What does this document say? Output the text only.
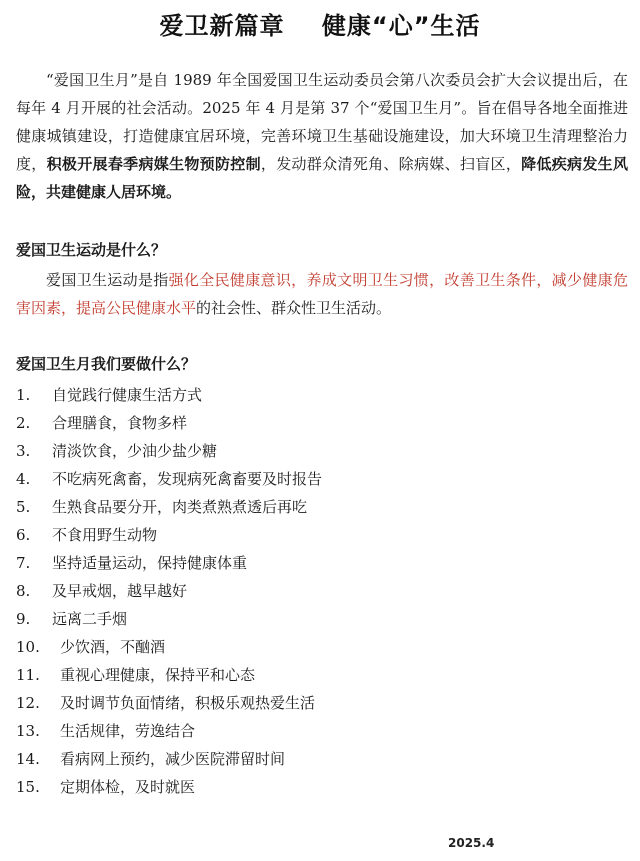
爱卫新篇章    健康“心”生活

“爱国卫生月”是自 1989 年全国爱国卫生运动委员会第八次委员会扩大会议提出后，在每年 4 月开展的社会活动。2025 年 4 月是第 37 个“爱国卫生月”。旨在倡导各地全面推进健康城镇建设，打造健康宜居环境，完善环境卫生基础设施建设，加大环境卫生清理整治力度，积极开展春季病媒生物预防控制，发动群众清死角、除病媒、扫盲区，降低疾病发生风险，共建健康人居环境。

爱国卫生运动是什么？

爱国卫生运动是指强化全民健康意识，养成文明卫生习惯，改善卫生条件，减少健康危害因素，提高公民健康水平的社会性、群众性卫生活动。

爱国卫生月我们要做什么？
1. 自觉践行健康生活方式
2. 合理膳食，食物多样
3. 清淡饮食，少油少盐少糖
4. 不吃病死禽畜，发现病死禽畜要及时报告
5. 生熟食品要分开，肉类煮熟煮透后再吃
6. 不食用野生动物
7. 坚持适量运动，保持健康体重
8. 及早戒烟，越早越好
9. 远离二手烟
10. 少饮酒，不酗酒
11. 重视心理健康，保持平和心态
12. 及时调节负面情绪，积极乐观热爱生活
13. 生活规律，劳逸结合
14. 看病网上预约，减少医院滞留时间
15. 定期体检，及时就医
2025.4
